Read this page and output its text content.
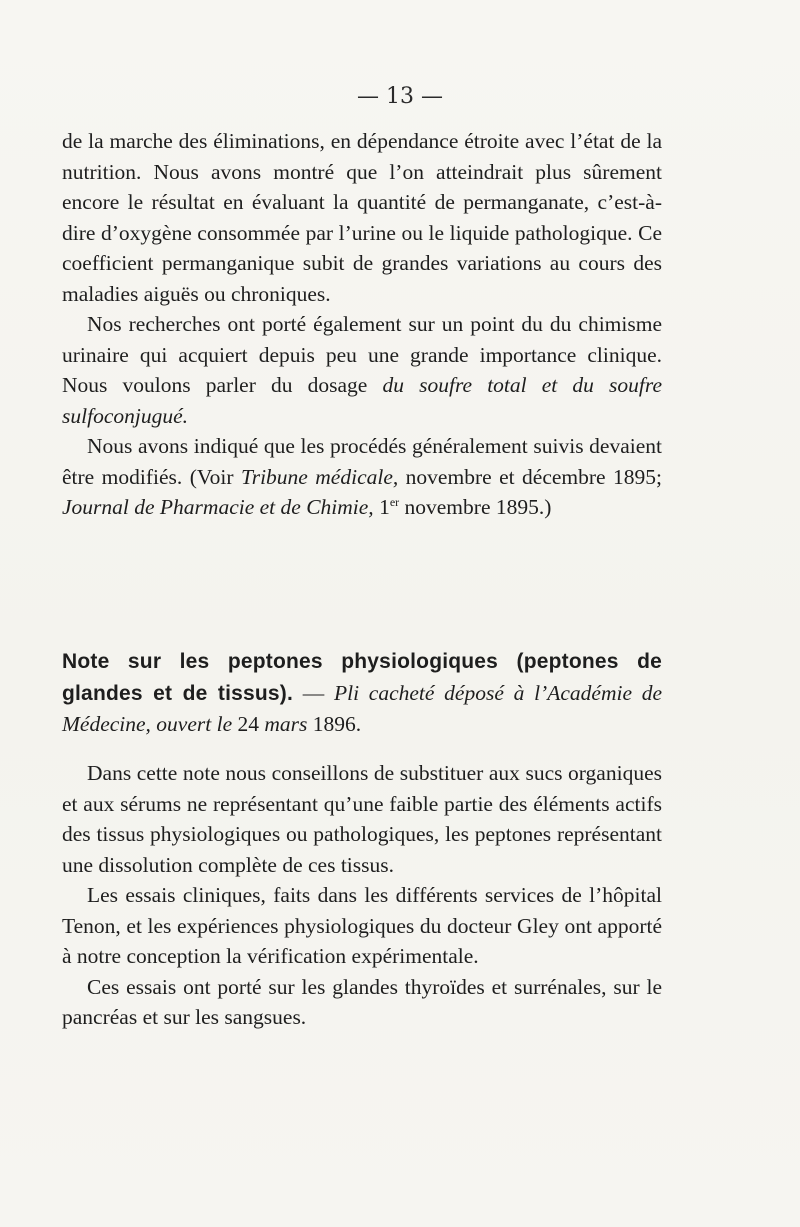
— 13 —

de la marche des éliminations, en dépendance étroite avec l’état de la nutrition. Nous avons montré que l’on atteindrait plus sûrement encore le résultat en évaluant la quantité de permanganate, c’est-à-dire d’oxygène consommée par l’urine ou le liquide pathologique. Ce coefficient permanganique subit de grandes variations au cours des maladies aiguës ou chroniques.

Nos recherches ont porté également sur un point du du chimisme urinaire qui acquiert depuis peu une grande importance clinique. Nous voulons parler du dosage du soufre total et du soufre sulfoconjugué.

Nous avons indiqué que les procédés généralement suivis devaient être modifiés. (Voir Tribune médicale, novembre et décembre 1895; Journal de Pharmacie et de Chimie, 1er novembre 1895.)

Note sur les peptones physiologiques (peptones de glandes et de tissus). — Pli cacheté déposé à l’Académie de Médecine, ouvert le 24 mars 1896.

Dans cette note nous conseillons de substituer aux sucs organiques et aux sérums ne représentant qu’une faible partie des éléments actifs des tissus physiologiques ou pathologiques, les peptones représentant une dissolution complète de ces tissus.

Les essais cliniques, faits dans les différents services de l’hôpital Tenon, et les expériences physiologiques du docteur Gley ont apporté à notre conception la vérification expérimentale.

Ces essais ont porté sur les glandes thyroïdes et surrénales, sur le pancréas et sur les sangsues.
